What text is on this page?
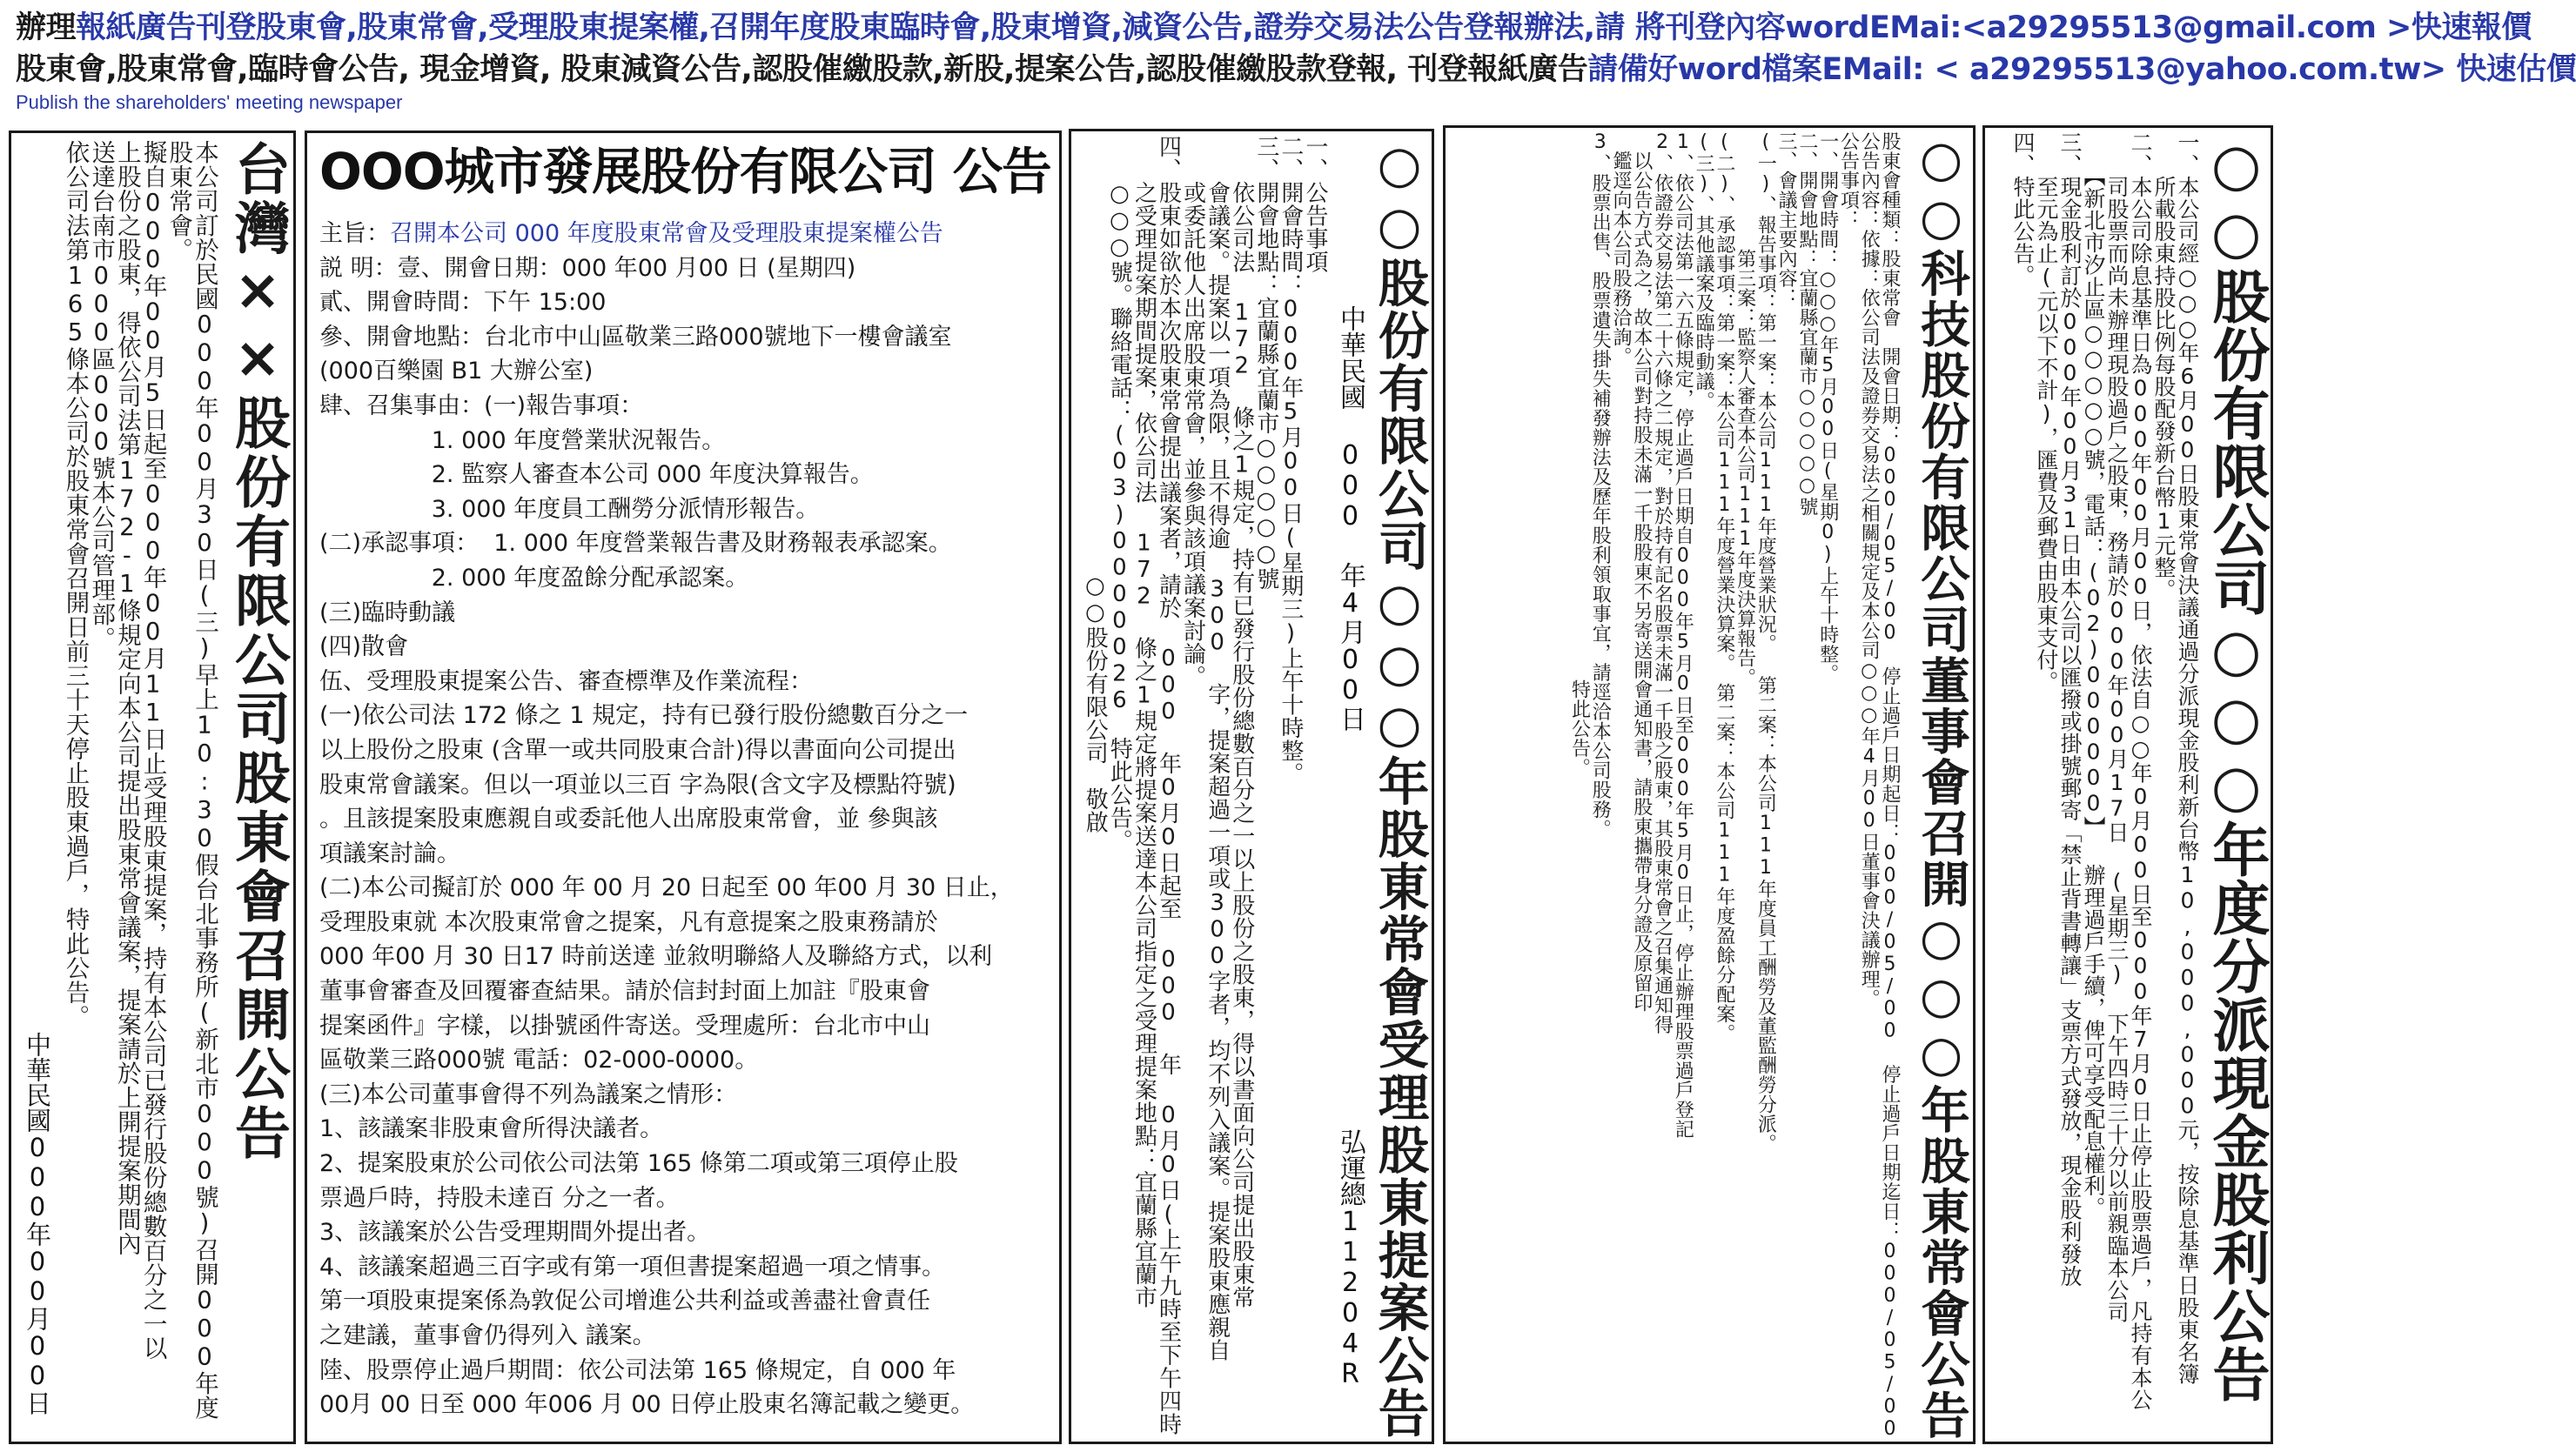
辦理報紙廣告刊登股東會,股東常會,受理股東提案權,召開年度股東臨時會,股東增資,減資公告,證券交易法公告登報辦法,請 將刊登內容wordEMai:<a29295513@gmail.com >快速報價
股東會,股東常會,臨時會公告, 現金增資, 股東減資公告,認股催繳股款,新股,提案公告,認股催繳股款登報, 刊登報紙廣告請備好word檔案EMail: < a29295513@yahoo.com.tw> 快速估價
Publish the shareholders' meeting newspaper
台灣××股份有限公司股東會召開公告
本公司訂於民國000年00月30日(三)早上10:30假台北事務所(新北市000號)召開000年度
股東常會。
擬自000年00月5日起至000年00月11日止受理股東提案，持有本公司已發行股份總數百分之一以
上股份之股東，得依公司法第172-1條規定向本公司提出股東常會議案，提案請於上開提案期間內
送達台南市000區000號本公司管理部。
依公司法第165條本公司於股東常會召開日前三十天停止股東過戶，特此公告。
中華民國000年00月00日
OOO城市發展股份有限公司 公告
主旨：召開本公司 000 年度股東常會及受理股東提案權公告
説 明：壹、開會日期：000 年00 月00 日 (星期四)
貳、開會時間：下午 15:00
參、開會地點：台北市中山區敬業三路000號地下一樓會議室
(000百樂園 B1 大辦公室)
肆、召集事由：(一)報告事項：
1. 000 年度營業狀況報告。
2. 監察人審查本公司 000 年度決算報告。
3. 000 年度員工酬勞分派情形報告。
(二)承認事項：  1. 000 年度營業報告書及財務報表承認案。
2. 000 年度盈餘分配承認案。
(三)臨時動議
(四)散會
伍、受理股東提案公告、審查標準及作業流程：
(一)依公司法 172 條之 1 規定，持有已發行股份總數百分之一
以上股份之股東 (含單一或共同股東合計)得以書面向公司提出
股東常會議案。但以一項並以三百 字為限(含文字及標點符號)
。且該提案股東應親自或委託他人出席股東常會，並 參與該
項議案討論。
(二)本公司擬訂於 000 年 00 月 20 日起至 00 年00 月 30 日止，
受理股東就 本次股東常會之提案，凡有意提案之股東務請於
000 年00 月 30 日17 時前送達 並敘明聯絡人及聯絡方式，以利
董事會審查及回覆審查結果。請於信封封面上加註『股東會
提案函件』字樣，以掛號函件寄送。受理處所：台北市中山
區敬業三路000號 電話：02-000-0000。
(三)本公司董事會得不列為議案之情形：
1、該議案非股東會所得決議者。
2、提案股東於公司依公司法第 165 條第二項或第三項停止股
票過戶時，持股未達百 分之一者。
3、該議案於公告受理期間外提出者。
4、該議案超過三百字或有第一項但書提案超過一項之情事。
第一項股東提案係為敦促公司增進公共利益或善盡社會責任
之建議，董事會仍得列入 議案。
陸、股票停止過戶期間：依公司法第 165 條規定，自 000 年
00月 00 日至 000 年006 月 00 日停止股東名簿記載之變更。	○○股份有限公司○○○年股東常會受理股東提案公告
中華民國 000 年4月00日
弘運總11204R
一、公告事項
二、開會時間：000年5月00日(星期三)上午十時整。
三、開會地點：宜蘭縣宜蘭市○○○○○號
　　依公司法 172 條之1規定，持有已發行股份總數百分之一以上股份之股東，得以書面向公司提出股東常
　　會議案。提案以一項為限，且不得逾 300 字，提案超過一項或300字者，均不列入議案。提案股東應親自
　　或委託他人出席股東常會，並參與該項議案討論。
四、股東如欲於本次股東常會提出議案者，請於 000 年0月0日起至 000 年 0月0日(上午九時至下午四時
　　之受理提案期間提案，依公司法 172 條之1規定將提案送達本公司指定之受理提案地點：宜蘭縣宜蘭市
　　○○○號。聯絡電話：(03)0000026　特此公告。
　　　　　　　　　　　　　　　　　　　○○股份有限公司　敬啟	○○科技股份有限公司董事會召開○○○年股東常會公告
股東會種類：股東常會　開會日期：000/05/00 停止過戶日期起日：000/05/00 停止過戶日期迄日：000/05/00
公告內容：依據：依公司法及證券交易法之相關規定及本公司○○○年4月00日董事會決議辦理。
公告事項：
一、開會時間：○○○年5月00日(星期0)上午十時整。
二、開會地點：宜蘭縣宜蘭市○○○○○號
三、會議主要內容：
(一)、報告事項：第一案：本公司111年度營業狀況。 第二案：本公司111年度員工酬勞及董監酬勞分派。
　　　　　　第三案：監察人審查本公司111年度決算報告。
(二)、承認事項：第一案：本公司111年度營業決算案。　第二案：本公司111年度盈餘分配案。
(三)、其他議案及臨時動議。
1、依公司法第一六五條規定，停止過戶日期自000年5月0日至000年5月0日止，停止辦理股票過戶登記
2、依證券交易法第二十六條之二規定，對於持有記名股票未滿一千股之股東，其股東常會之召集通知得
　以公告方式為之，故本公司對持股未滿一千股股東不另寄送開會通知書，請股東攜帶身分證及原留印
　鑑逕向本公司股務洽詢。
3、股票出售、股票遺失掛失補發辦法及歷年股利領取事宜，請逕洽本公司股務。
　　　　　　　　　　　　　　　　　　　　　　　　　　　　特此公告。	○○股份有限公司○○○年度分派現金股利公告
一、本公司經○○○年6月00日股東常會決議通過分派現金股利新台幣10,000,000元，按除息基準日股東名簿
　　所載股東持股比例每股配發新台幣1元整。
二、本公司除息基準日為000年00月00日，依法自○○年0月00日至000年7月0日止停止股票過戶，凡持有本公
　　司股票而尚未辦理現股過戶之股東，務請於000年00月17日 (星期三) 下午四時三十分以前親臨本公司
　　【新北市汐止區○○○○○號，電話：(02)000000】 辦理過戶手續，俾可享受配息權利。
三、現金股利訂於000年00月31日由本公司以匯撥或掛號郵寄「禁止背書轉讓」支票方式發放，現金股利發放
　　至元為止(元以下不計)，匯費及郵費由股東支付。
四、特此公告。
